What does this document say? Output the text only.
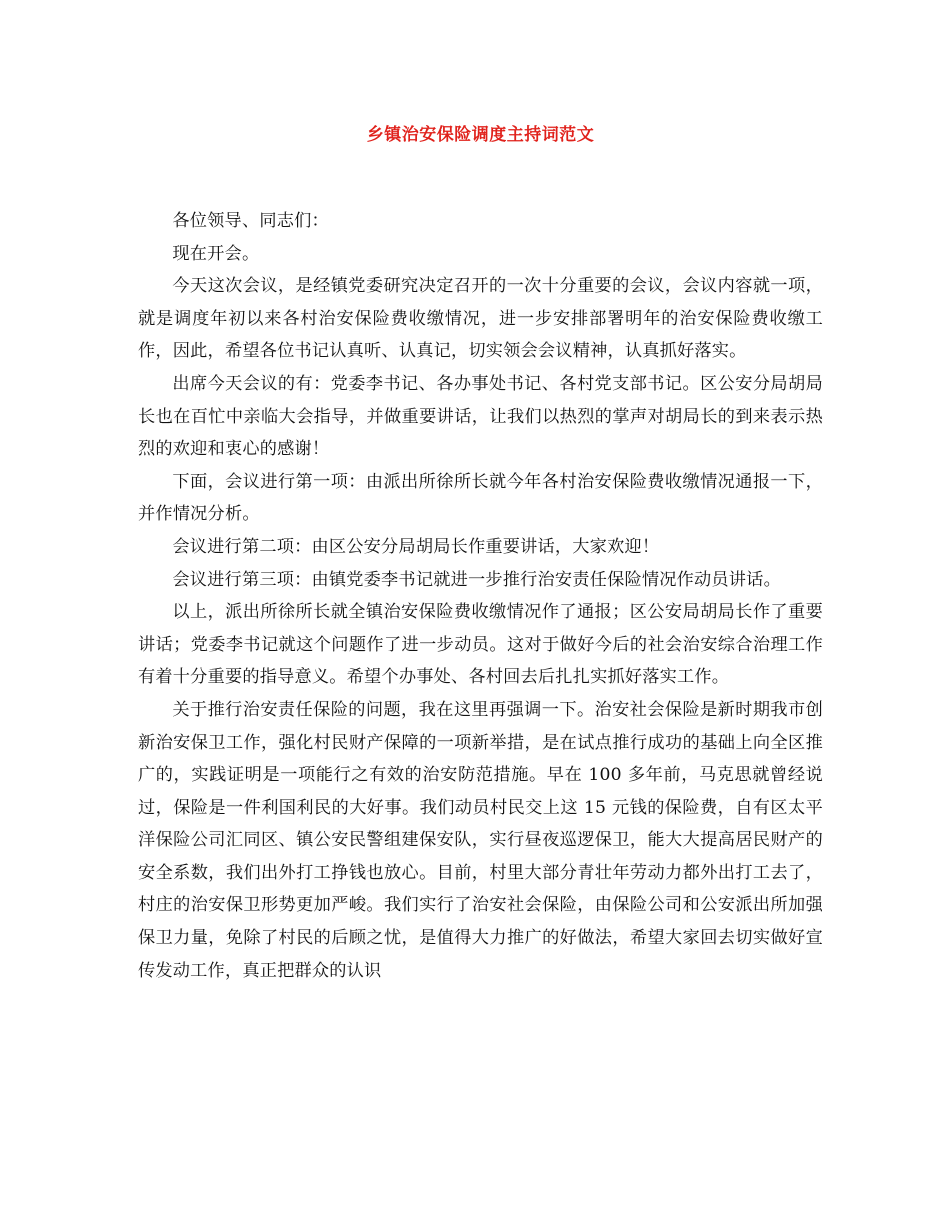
乡镇治安保险调度主持词范文

各位领导、同志们：

现在开会。

今天这次会议，是经镇党委研究决定召开的一次十分重要的会议，会议内容就一项，就是调度年初以来各村治安保险费收缴情况，进一步安排部署明年的治安保险费收缴工作，因此，希望各位书记认真听、认真记，切实领会会议精神，认真抓好落实。

出席今天会议的有：党委李书记、各办事处书记、各村党支部书记。区公安分局胡局长也在百忙中亲临大会指导，并做重要讲话，让我们以热烈的掌声对胡局长的到来表示热烈的欢迎和衷心的感谢！

下面，会议进行第一项：由派出所徐所长就今年各村治安保险费收缴情况通报一下，并作情况分析。

会议进行第二项：由区公安分局胡局长作重要讲话，大家欢迎！

会议进行第三项：由镇党委李书记就进一步推行治安责任保险情况作动员讲话。

以上，派出所徐所长就全镇治安保险费收缴情况作了通报；区公安局胡局长作了重要讲话；党委李书记就这个问题作了进一步动员。这对于做好今后的社会治安综合治理工作有着十分重要的指导意义。希望个办事处、各村回去后扎扎实抓好落实工作。

关于推行治安责任保险的问题，我在这里再强调一下。治安社会保险是新时期我市创新治安保卫工作，强化村民财产保障的一项新举措，是在试点推行成功的基础上向全区推广的，实践证明是一项能行之有效的治安防范措施。早在 100 多年前，马克思就曾经说过，保险是一件利国利民的大好事。我们动员村民交上这 15 元钱的保险费，自有区太平洋保险公司汇同区、镇公安民警组建保安队，实行昼夜巡逻保卫，能大大提高居民财产的安全系数，我们出外打工挣钱也放心。目前，村里大部分青壮年劳动力都外出打工去了，村庄的治安保卫形势更加严峻。我们实行了治安社会保险，由保险公司和公安派出所加强保卫力量，免除了村民的后顾之忧，是值得大力推广的好做法，希望大家回去切实做好宣传发动工作，真正把群众的认识
